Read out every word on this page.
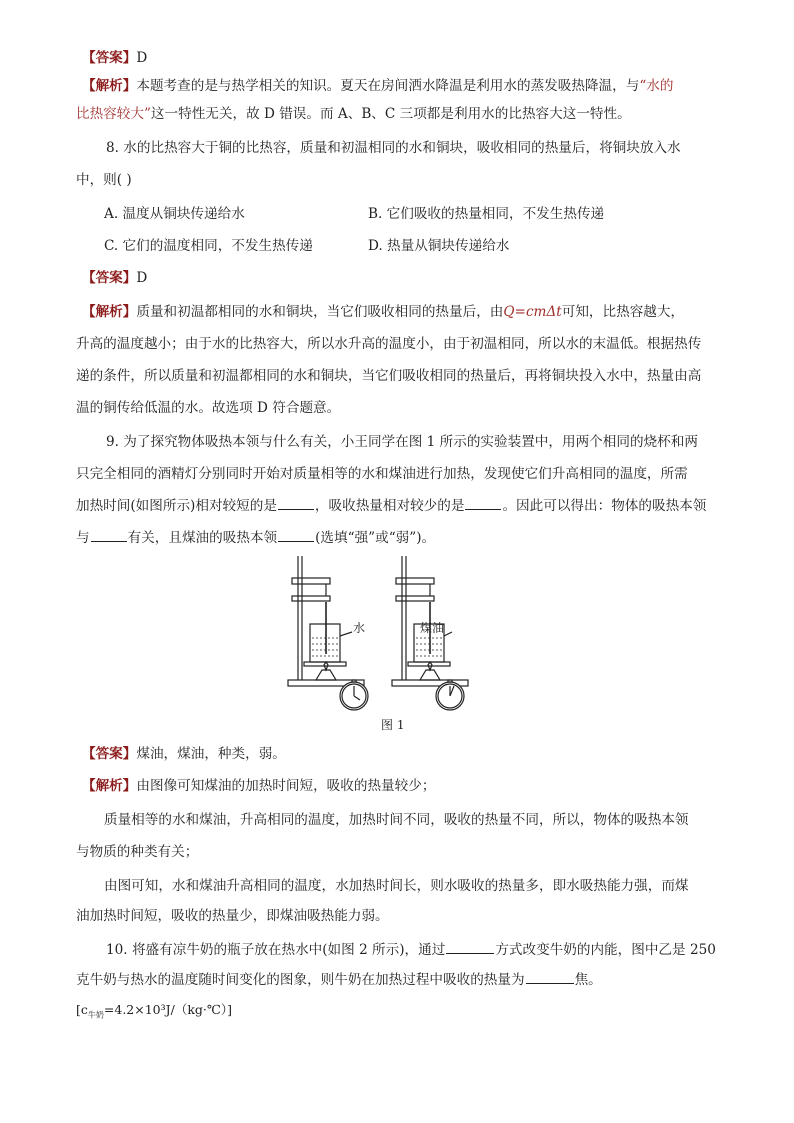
【答案】D
【解析】本题考查的是与热学相关的知识。夏天在房间洒水降温是利用水的蒸发吸热降温，与“水的
比热容较大”这一特性无关，故 D 错误。而 A、B、C 三项都是利用水的比热容大这一特性。
8. 水的比热容大于铜的比热容，质量和初温相同的水和铜块，吸收相同的热量后，将铜块放入水
中，则( )
A. 温度从铜块传递给水	B. 它们吸收的热量相同，不发生热传递
C. 它们的温度相同，不发生热传递	D. 热量从铜块传递给水
【答案】D
【解析】质量和初温都相同的水和铜块，当它们吸收相同的热量后，由Q=cmΔt可知，比热容越大，
升高的温度越小；由于水的比热容大，所以水升高的温度小，由于初温相同，所以水的末温低。根据热传
递的条件，所以质量和初温都相同的水和铜块，当它们吸收相同的热量后，再将铜块投入水中，热量由高
温的铜传给低温的水。故选项 D 符合题意。
9. 为了探究物体吸热本领与什么有关，小王同学在图 1 所示的实验装置中，用两个相同的烧杯和两
只完全相同的酒精灯分别同时开始对质量相等的水和煤油进行加热，发现使它们升高相同的温度，所需
加热时间(如图所示)相对较短的是	，吸收热量相对较少的是	。因此可以得出：物体的吸热本领
与	有关，且煤油的吸热本领	(选填“强”或“弱”)。
水	煤油
图 1
【答案】煤油，煤油，种类，弱。
【解析】由图像可知煤油的加热时间短，吸收的热量较少；
质量相等的水和煤油，升高相同的温度，加热时间不同，吸收的热量不同，所以，物体的吸热本领
与物质的种类有关；
由图可知，水和煤油升高相同的温度，水加热时间长，则水吸收的热量多，即水吸热能力强，而煤
油加热时间短，吸收的热量少，即煤油吸热能力弱。
10. 将盛有凉牛奶的瓶子放在热水中(如图 2 所示)，通过	方式改变牛奶的内能，图中乙是 250
克牛奶与热水的温度随时间变化的图象，则牛奶在加热过程中吸收的热量为	焦。
$[c_{牛奶}=4.2\times 10^3J/(kg\cdot℃)]$
